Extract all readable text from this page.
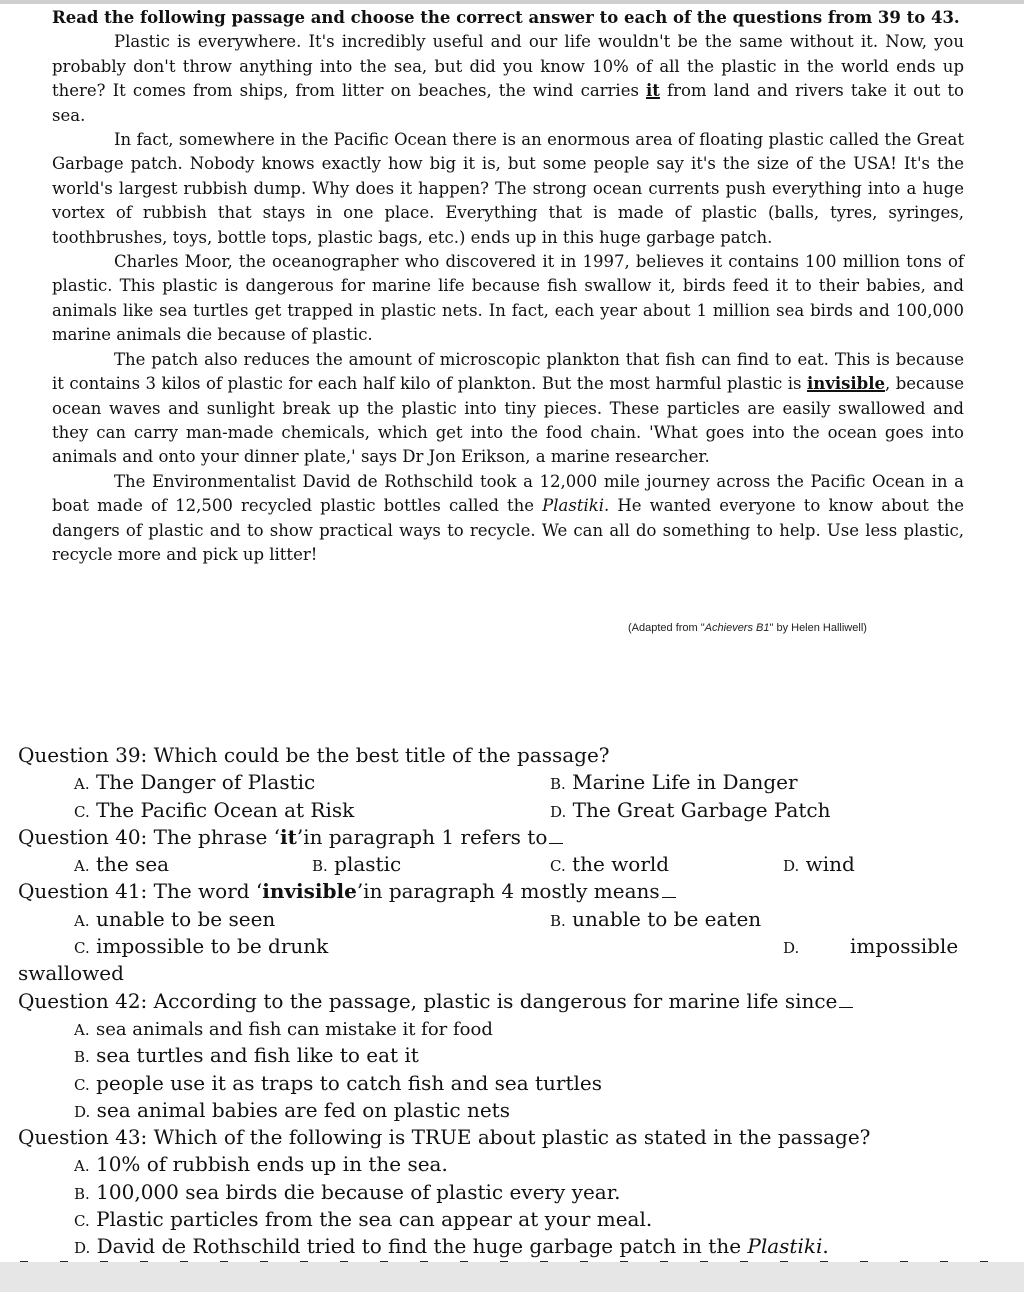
Read the following passage and choose the correct answer to each of the questions from 39 to 43.

Plastic is everywhere. It's incredibly useful and our life wouldn't be the same without it. Now, you probably don't throw anything into the sea, but did you know 10% of all the plastic in the world ends up there? It comes from ships, from litter on beaches, the wind carries it from land and rivers take it out to sea.

In fact, somewhere in the Pacific Ocean there is an enormous area of floating plastic called the Great Garbage patch. Nobody knows exactly how big it is, but some people say it's the size of the USA! It's the world's largest rubbish dump. Why does it happen? The strong ocean currents push everything into a huge vortex of rubbish that stays in one place. Everything that is made of plastic (balls, tyres, syringes, toothbrushes, toys, bottle tops, plastic bags, etc.) ends up in this huge garbage patch.

Charles Moor, the oceanographer who discovered it in 1997, believes it contains 100 million tons of plastic. This plastic is dangerous for marine life because fish swallow it, birds feed it to their babies, and animals like sea turtles get trapped in plastic nets. In fact, each year about 1 million sea birds and 100,000 marine animals die because of plastic.

The patch also reduces the amount of microscopic plankton that fish can find to eat. This is because it contains 3 kilos of plastic for each half kilo of plankton. But the most harmful plastic is invisible, because ocean waves and sunlight break up the plastic into tiny pieces. These particles are easily swallowed and they can carry man-made chemicals, which get into the food chain. 'What goes into the ocean goes into animals and onto your dinner plate,' says Dr Jon Erikson, a marine researcher.

The Environmentalist David de Rothschild took a 12,000 mile journey across the Pacific Ocean in a boat made of 12,500 recycled plastic bottles called the Plastiki. He wanted everyone to know about the dangers of plastic and to show practical ways to recycle. We can all do something to help. Use less plastic, recycle more and pick up litter!

(Adapted from "Achievers B1" by Helen Halliwell)
Question 39: Which could be the best title of the passage?
A. The Danger of Plastic	B. Marine Life in Danger
C. The Pacific Ocean at Risk	D. The Great Garbage Patch
Question 40: The phrase ‘it’in paragraph 1 refers to
A. the sea	B. plastic	C. the world	D. wind
Question 41: The word ‘invisible’in paragraph 4 mostly means
A. unable to be seen	B. unable to be eaten
C. impossible to be drunk	D.	impossible
swallowed
Question 42: According to the passage, plastic is dangerous for marine life since
A. sea animals and fish can mistake it for food
B. sea turtles and fish like to eat it
C. people use it as traps to catch fish and sea turtles
D. sea animal babies are fed on plastic nets
Question 43: Which of the following is TRUE about plastic as stated in the passage?
A. 10% of rubbish ends up in the sea.
B. 100,000 sea birds die because of plastic every year.
C. Plastic particles from the sea can appear at your meal.
D. David de Rothschild tried to find the huge garbage patch in the Plastiki.
